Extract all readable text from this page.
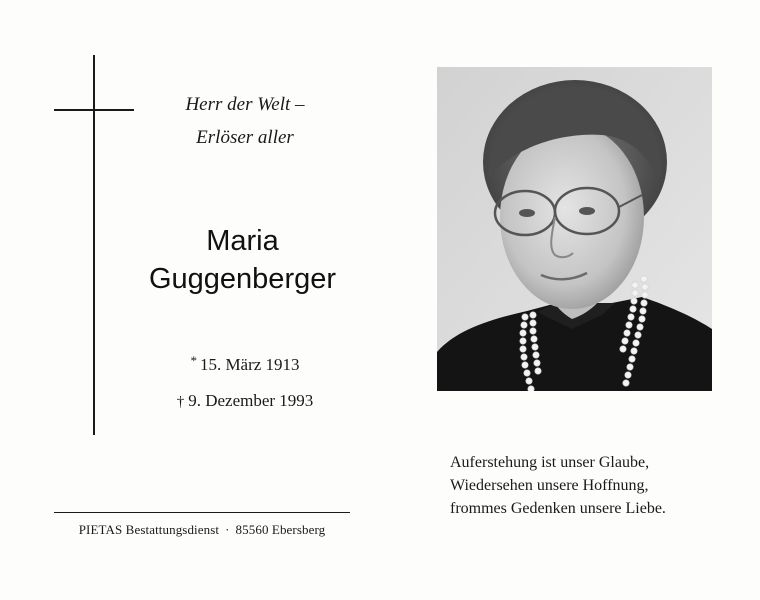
Herr der Welt –
Erlöser aller
Maria
Guggenberger
* 15. März 1913
† 9. Dezember 1993
Auferstehung ist unser Glaube,
Wiedersehen unsere Hoffnung,
frommes Gedenken unsere Liebe.
PIETAS Bestattungsdienst · 85560 Ebersberg
